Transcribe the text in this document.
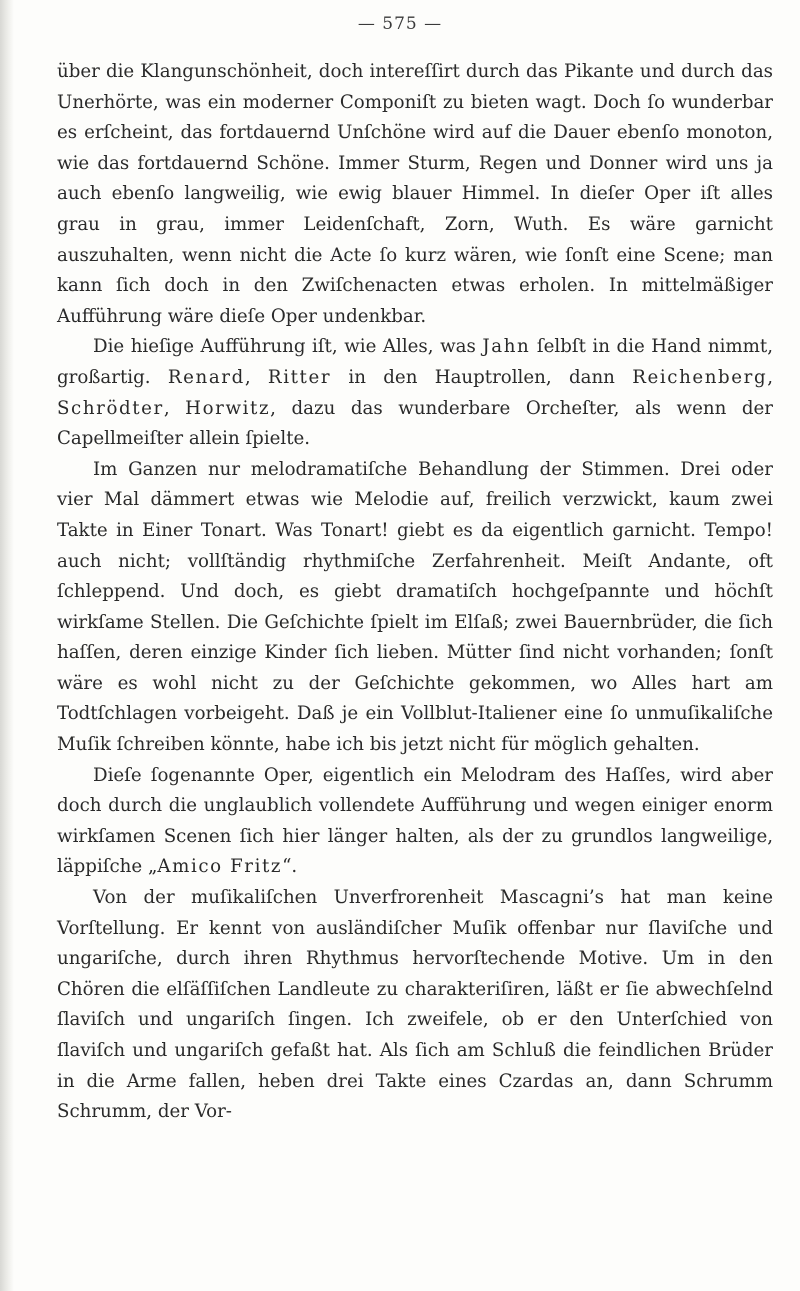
— 575 —

über die Klangunschönheit, doch intereſſirt durch das Pikante und durch das Unerhörte, was ein moderner Componiſt zu bieten wagt. Doch ſo wunderbar es erſcheint, das fortdauernd Unſchöne wird auf die Dauer ebenſo monoton, wie das fortdauernd Schöne. Immer Sturm, Regen und Donner wird uns ja auch ebenſo langweilig, wie ewig blauer Himmel. In dieſer Oper iſt alles grau in grau, immer Leidenſchaft, Zorn, Wuth. Es wäre garnicht auszuhalten, wenn nicht die Acte ſo kurz wären, wie ſonſt eine Scene; man kann ſich doch in den Zwiſchenacten etwas erholen. In mittelmäßiger Aufführung wäre dieſe Oper undenkbar.

Die hieſige Aufführung iſt, wie Alles, was Jahn ſelbſt in die Hand nimmt, großartig. Renard, Ritter in den Hauptrollen, dann Reichenberg, Schrödter, Horwitz, dazu das wunderbare Orcheſter, als wenn der Capellmeiſter allein ſpielte.

Im Ganzen nur melodramatiſche Behandlung der Stimmen. Drei oder vier Mal dämmert etwas wie Melodie auf, freilich verzwickt, kaum zwei Takte in Einer Tonart. Was Tonart! giebt es da eigentlich garnicht. Tempo! auch nicht; vollſtändig rhythmiſche Zerfahrenheit. Meiſt Andante, oft ſchleppend. Und doch, es giebt dramatiſch hochgeſpannte und höchſt wirkſame Stellen. Die Geſchichte ſpielt im Elſaß; zwei Bauernbrüder, die ſich haſſen, deren einzige Kinder ſich lieben. Mütter ſind nicht vorhanden; ſonſt wäre es wohl nicht zu der Geſchichte gekommen, wo Alles hart am Todtſchlagen vorbeigeht. Daß je ein Vollblut-Italiener eine ſo unmuſikaliſche Muſik ſchreiben könnte, habe ich bis jetzt nicht für möglich gehalten.

Dieſe ſogenannte Oper, eigentlich ein Melodram des Haſſes, wird aber doch durch die unglaublich vollendete Aufführung und wegen einiger enorm wirkſamen Scenen ſich hier länger halten, als der zu grundlos langweilige, läppiſche „Amico Fritz“.

Von der muſikaliſchen Unverfrorenheit Mascagni’s hat man keine Vorſtellung. Er kennt von ausländiſcher Muſik offenbar nur ſlaviſche und ungariſche, durch ihren Rhythmus hervorſtechende Motive. Um in den Chören die elſäſſiſchen Landleute zu charakteriſiren, läßt er ſie abwechſelnd ſlaviſch und ungariſch ſingen. Ich zweifele, ob er den Unterſchied von ſlaviſch und ungariſch gefaßt hat. Als ſich am Schluß die feindlichen Brüder in die Arme fallen, heben drei Takte eines Czardas an, dann Schrumm Schrumm, der Vor-
